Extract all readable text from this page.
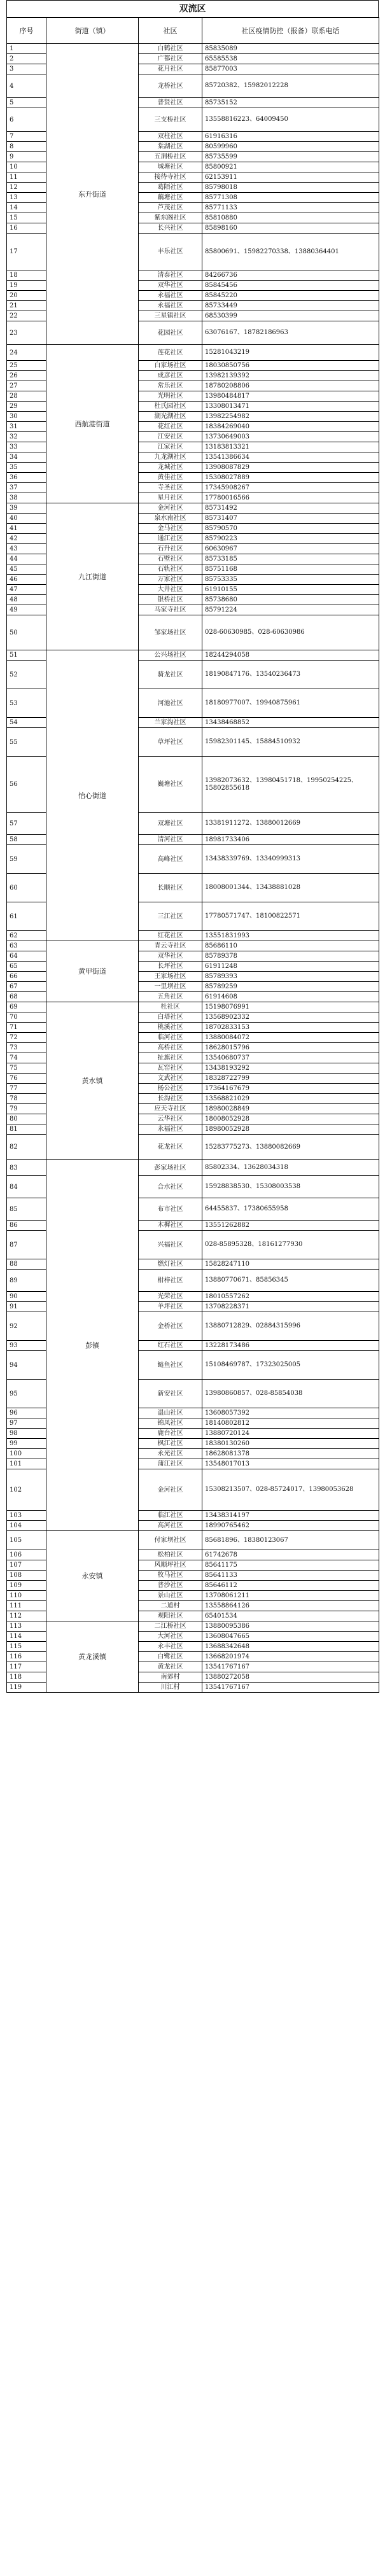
双流区
序号	街道（镇）	社区	社区疫情防控（报备）联系电话
1	东升街道	白鹤社区	85835089
2		广都社区	65585538
3		花月社区	85877003
4		龙桥社区	85720382、15982012228
5		普贤社区	85735152
6		三支桥社区	13558816223、64009450
7		双柱社区	61916316
8		棠湖社区	80599960
9		五洞桥社区	85735599
10		城塘社区	85800921
11		接待寺社区	62153911
12		葛陌社区	85798018
13		藕塘社区	85771308
14		芦茂社区	85771133
15		紫东阁社区	85810880
16		长兴社区	85898160
17		丰乐社区	85800691、15982270338、13880364401
18		清泰社区	84266736
19		双华社区	85845456
20		永福社区	85845220
21		永福社区	85733449
22		三星镇社区	68530399
23		花园社区	63076167、18782186963
24	西航港街道	莲花社区	15281043219
25		白家场社区	18030850756
26		成彦社区	13982139392
27		常乐社区	18780208806
28		光明社区	13980484817
29		杜氏园社区	13308013471
30		湖光湖社区	13982254982
31		花红社区	18384269040
32		江安社区	13730649003
33		江家社区	13183813321
34		九龙湖社区	13541386634
35		龙城社区	13908087829
36		黄佳社区	15308027889
37		寺圣社区	17345908267
38		星月社区	17780016566
39	九江街道	金河社区	85731492
40		泉水南社区	85731407
41		金马社区	85790570
42		通江社区	85790223
43		石升社区	60630967
44		石壁社区	85733185
45		石轨社区	85751168
46		万家社区	85753335
47		大井社区	61910155
48		银桥社区	85738680
49		马家寺社区	85791224
50		邹家场社区	028-60630985、028-60630986
51	怡心街道	公兴场社区	18244294058
52		骑龙社区	18190847176、13540236473
53		河池社区	18180977007、19940875961
54		兰家沟社区	13438468852
55		草坪社区	15982301145、15884510932
56		巍塘社区	13982073632、13980451718、19950254225、15802855618
57		双塘社区	13381911272、13880012669
58		清河社区	18981733406
59		高峰社区	13438339769、13340999313
60		长顺社区	18008001344、13438881028
61		三江社区	17780571747、18100822571
62		红花社区	13551831993
63	黄甲街道	青云寺社区	85686110
64		双华社区	85789378
65		长坪社区	61911248
66		王家场社区	85789393
67		一里坝社区	85789259
68		五角社区	61914608
69	黄水镇	杜社区	15198076991
70		白塔社区	13568902332
71		桃溪社区	18702833153
72		临河社区	13880084072
73		高桥社区	18628015796
74		扯旗社区	13540680737
75		瓦窑社区	13438193292
76		文武社区	18328722799
77		杨公社区	17364167679
78		长沟社区	13568821029
79		应天寺社区	18980028849
80		云华社区	18008052928
81		永福社区	18980052928
82		花龙社区	15283775273、13880082669
83	彭镇	彭家场社区	85802334、13628034318
84		合水社区	15928838530、15308003538
85		布市社区	64455837、17380655958
86		木樨社区	13551262882
87		兴福社区	028-85895328、18161277930
88		燃灯社区	15828247110
89		柑梓社区	13880770671、85856345
90		光荣社区	18010557262
91		羊坪社区	13708228371
92		金桥社区	13880712829、02884315996
93		红石社区	13228173486
94		鲢鱼社区	15108469787、17323025005
95		新安社区	13980860857、028-85854038
96		温山社区	13608057392
97		锦凤社区	18140802812
98		鹿台社区	13880720124
99		枫江社区	18380130260
100		永光社区	18628081378
101		蒲江社区	13548017013
102		金河社区	15308213507、028-85724017、13980053628
103		临江社区	13438314197
104		高河社区	18990765462
105	永安镇	付家坝社区	85681896、18380123067
106		松柏社区	61742678
107		风顺坪社区	85641175
108		牧马社区	85641133
109		普沙社区	85646112
110		景山社区	13708061211
111		二道村	13558864126
112		观阳社区	65401534
113	黄龙溪镇	二江桥社区	13880095386
114		大河社区	13608047665
115		永丰社区	13688342648
116		白鹭社区	13668201974
117		黄龙社区	13541767167
118		南郊村	13880272058
119		川江村	13541767167
